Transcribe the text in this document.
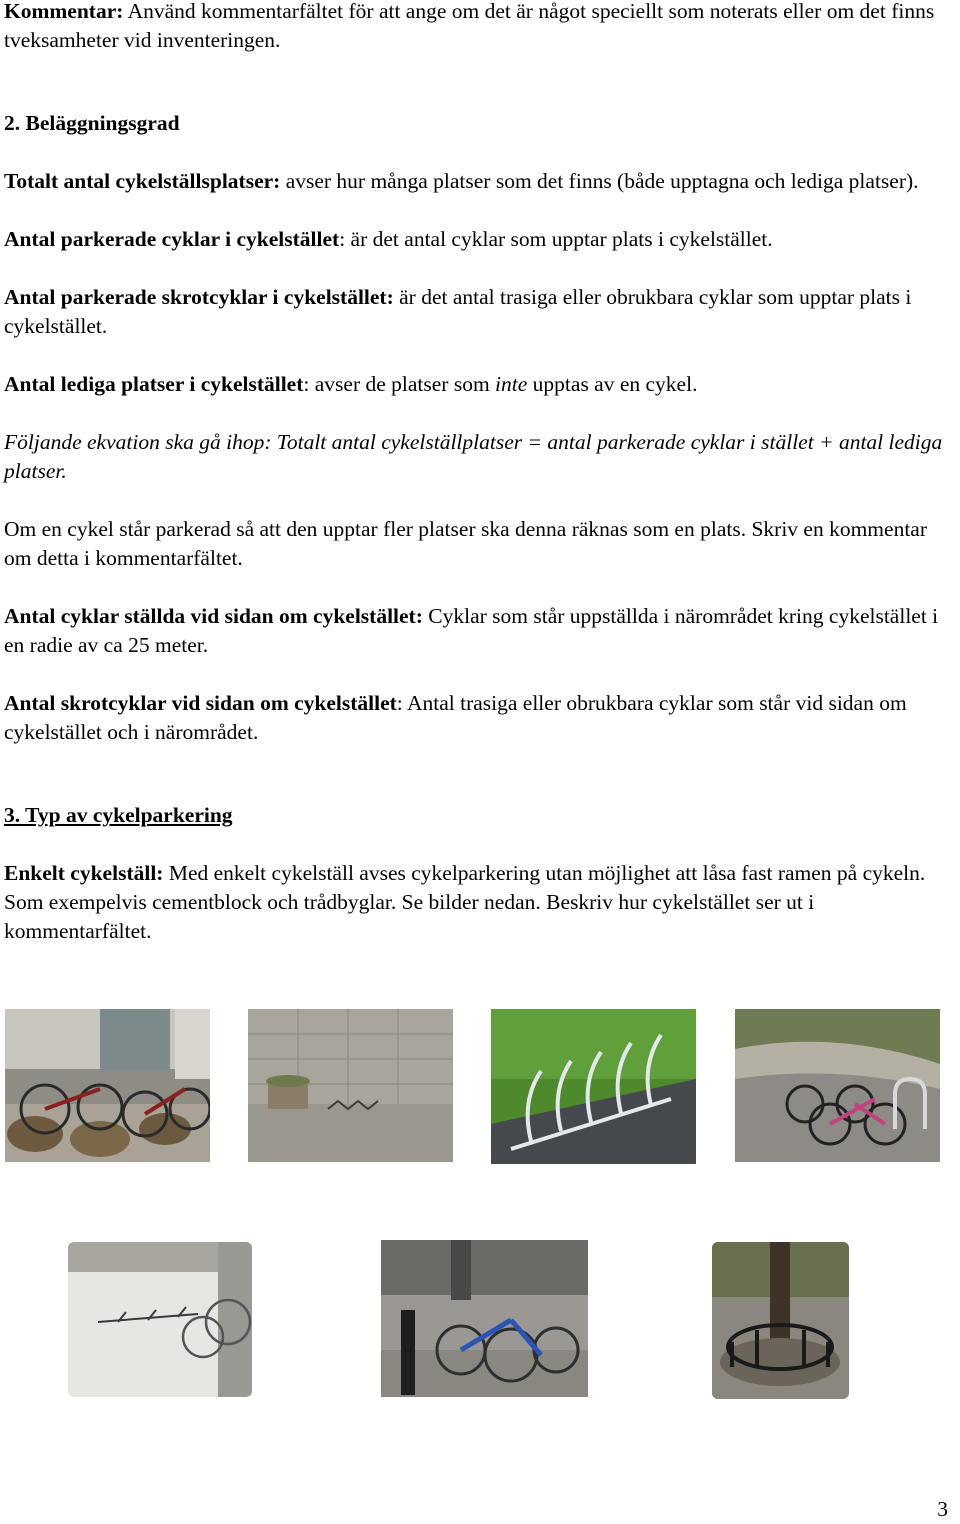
Kommentar: Använd kommentarfältet för att ange om det är något speciellt som noterats eller om det finns tveksamheter vid inventeringen.

2. Beläggningsgrad

Totalt antal cykelställsplatser: avser hur många platser som det finns (både upptagna och lediga platser).

Antal parkerade cyklar i cykelstället: är det antal cyklar som upptar plats i cykelstället.

Antal parkerade skrotcyklar i cykelstället: är det antal trasiga eller obrukbara cyklar som upptar plats i cykelstället.

Antal lediga platser i cykelstället: avser de platser som inte upptas av en cykel.

Följande ekvation ska gå ihop: Totalt antal cykelställplatser = antal parkerade cyklar i stället + antal lediga platser.

Om en cykel står parkerad så att den upptar fler platser ska denna räknas som en plats. Skriv en kommentar om detta i kommentarfältet.

Antal cyklar ställda vid sidan om cykelstället: Cyklar som står uppställda i närområdet kring cykelstället i en radie av ca 25 meter.

Antal skrotcyklar vid sidan om cykelstället: Antal trasiga eller obrukbara cyklar som står vid sidan om cykelstället och i närområdet.

3. Typ av cykelparkering

Enkelt cykelställ: Med enkelt cykelställ avses cykelparkering utan möjlighet att låsa fast ramen på cykeln. Som exempelvis cementblock och trådbyglar. Se bilder nedan. Beskriv hur cykelstället ser ut i kommentarfältet.

3
